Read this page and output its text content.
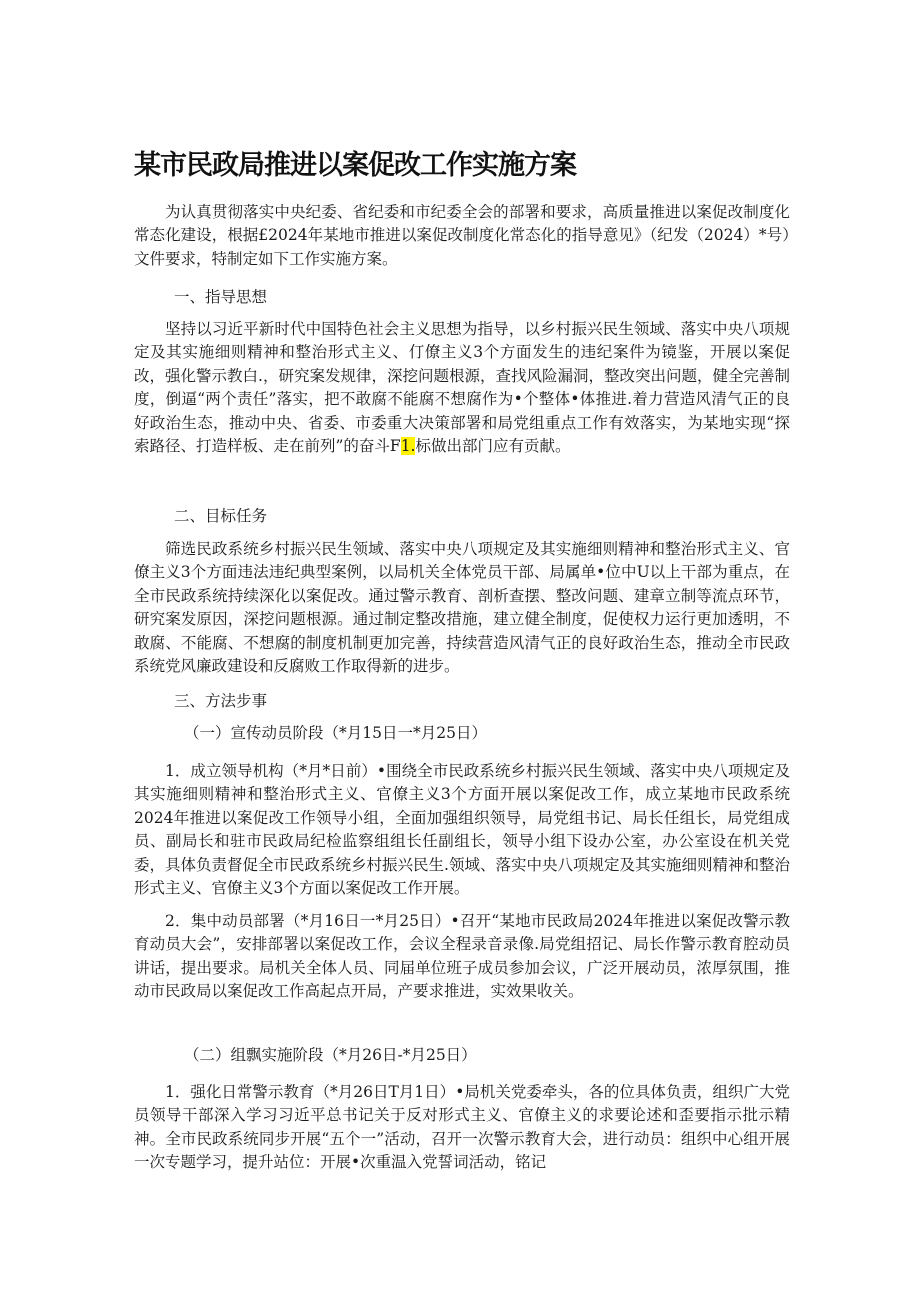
某市民政局推进以案促改工作实施方案

为认真贯彻落实中央纪委、省纪委和市纪委全会的部署和要求，高质量推进以案促改制度化常态化建设，根据£2024年某地市推进以案促改制度化常态化的指导意见》（纪发（2024）*号）文件要求，特制定如下工作实施方案。

一、指导思想

坚持以习近平新时代中国特色社会主义思想为指导，以乡村振兴民生领域、落实中央八项规定及其实施细则精神和整治形式主义、仃僚主义3个方面发生的违纪案件为镜鉴，开展以案促改，强化警示教白.，研究案发规律，深挖问题根源，查找风险漏洞，整改突出问题，健全完善制度，倒逼“两个责任”落实，把不敢腐不能腐不想腐作为•个整体•体推进.着力营造风清气正的良好政治生态，推动中央、省委、市委重大决策部署和局党组重点工作有效落实，为某地实现“探索路径、打造样板、走在前列”的奋斗F1.标做出部门应有贡献。

二、目标任务

筛选民政系统乡村振兴民生领域、落实中央八项规定及其实施细则精神和整治形式主义、官僚主义3个方面违法违纪典型案例，以局机关全体党员干部、局属单•位中U以上干部为重点，在全市民政系统持续深化以案促改。通过警示教育、剖析查摆、整改问题、建章立制等流点环节，研究案发原因，深挖问题根源。通过制定整改措施，建立健全制度，促使权力运行更加透明，不敢腐、不能腐、不想腐的制度机制更加完善，持续营造风清气正的良好政治生态，推动全市民政系统党风廉政建设和反腐败工作取得新的进步。

三、方法步事
（一）宣传动员阶段（*月15日一*月25日）

1．成立领导机构（*月*日前）•围绕全市民政系统乡村振兴民生领域、落实中央八项规定及其实施细则精神和整治形式主义、官僚主义3个方面开展以案促改工作，成立某地市民政系统2024年推进以案促改工作领导小组，全面加强组织领导，局党组书记、局长任组长，局党组成员、副局长和驻市民政局纪检监察组组长任副组长，领导小组下设办公室，办公室设在机关党委，具体负责督促全市民政系统乡村振兴民生.领域、落实中央八项规定及其实施细则精神和整治形式主义、官僚主义3个方面以案促改工作开展。

2．集中动员部署（*月16日一*月25日）•召开“某地市民政局2024年推进以案促改警示教育动员大会”，安排部署以案促改工作，会议全程录音录像.局党组招记、局长作警示教育腔动员讲话，提出要求。局机关全体人员、同届单位班子成员参加会议，广泛开展动员，浓厚氛围，推动市民政局以案促改工作高起点开局，产要求推进，实效果收关。

（二）组飘实施阶段（*月26日-*月25日）

1．强化日常警示教育（*月26日T月1日）•局机关党委牵头，各的位具体负责，组织广大党员领导干部深入学习习近平总书记关于反对形式主义、官僚主义的求要论述和歪要指示批示精神。全市民政系统同步开展“五个一”活动，召开一次警示教育大会，进行动员：组织中心组开展一次专题学习，提升站位：开展•次重温入党誓词活动，铭记
